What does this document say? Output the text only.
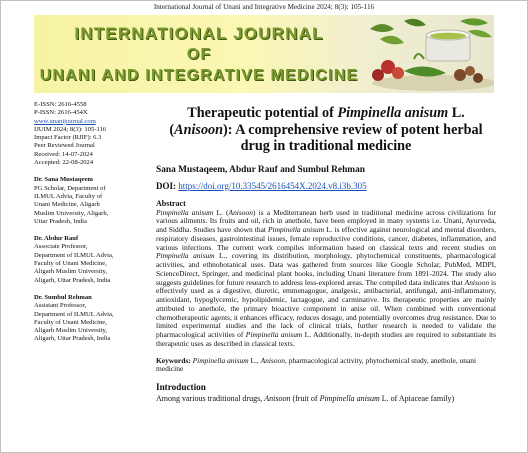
International Journal of Unani and Integrative Medicine 2024; 8(3): 105-116
INTERNATIONAL JOURNAL
OF
UNANI AND INTEGRATIVE MEDICINE
E-ISSN: 2616-4558
P-ISSN: 2616-454X
www.unanijournal.com
IJUIM 2024; 8(3): 105-116
Impact Factor (RJIF): 6.3
Peer Reviewed Journal
Received: 14-07-2024
Accepted: 22-08-2024
Dr. Sana Mustaqeem
PG Scholar, Department of
ILMUL Advia, Faculty of
Unani Medicine, Aligarh
Muslim University, Aligarh,
Uttar Pradesh, India
Dr. Abdur Rauf
Associate Professor,
Department of ILMUL Advia,
Faculty of Unani Medicine,
Aligarh Muslim University,
Aligarh, Uttar Pradesh, India
Dr. Sumbul Rehman
Assistant Professor,
Department of ILMUL Advia,
Faculty of Unani Medicine,
Aligarh Muslim University,
Aligarh, Uttar Pradesh, India
Therapeutic potential of Pimpinella anisum L. (Anisoon): A comprehensive review of potent herbal drug in traditional medicine
Sana Mustaqeem, Abdur Rauf and Sumbul Rehman
DOI: https://doi.org/10.33545/2616454X.2024.v8.i3b.305
Abstract
Pimpinella anisum L. (Anisoon) is a Mediterranean herb used in traditional medicine across civilizations for various ailments. Its fruits and oil, rich in anethole, have been employed in many systems i.e. Unani, Ayurveda, and Siddha. Studies have shown that Pimpinella anisum L. is effective against neurological and mental disorders, respiratory diseases, gastrointestinal issues, female reproductive conditions, cancer, diabetes, inflammation, and various infections. The current work compiles information based on classical texts and recent studies on Pimpinella anisum L., covering its distribution, morphology, phytochemical constituents, pharmacological activities, and ethnobotanical uses. Data was gathered from sources like Google Scholar, PubMed, MDPI, ScienceDirect, Springer, and medicinal plant books, including Unani literature from 1891-2024. The study also suggests guidelines for future research to address less-explored areas. The compiled data indicates that Anisoon is effectively used as a digestive, diuretic, emmenagogue, analgesic, antibacterial, antifungal, anti-inflammatory, antioxidant, hypoglycemic, hypolipidemic, lactagogue, and carminative. Its therapeutic properties are mainly attributed to anethole, the primary bioactive component in anise oil. When combined with conventional chemotherapeutic agents, it enhances efficacy, reduces dosage, and potentially overcomes drug resistance. Due to limited experimental studies and the lack of clinical trials, further research is needed to validate the pharmacological activities of Pimpinella anisum L. Additionally, in-depth studies are required to substantiate its therapeutic uses as described in classical texts.
Keywords: Pimpinella anisum L., Anisoon, pharmacological activity, phytochemical study, anethole, unani medicine
Introduction
Among various traditional drugs, Anisoon (fruit of Pimpinella anisum L. of Apiaceae family)
